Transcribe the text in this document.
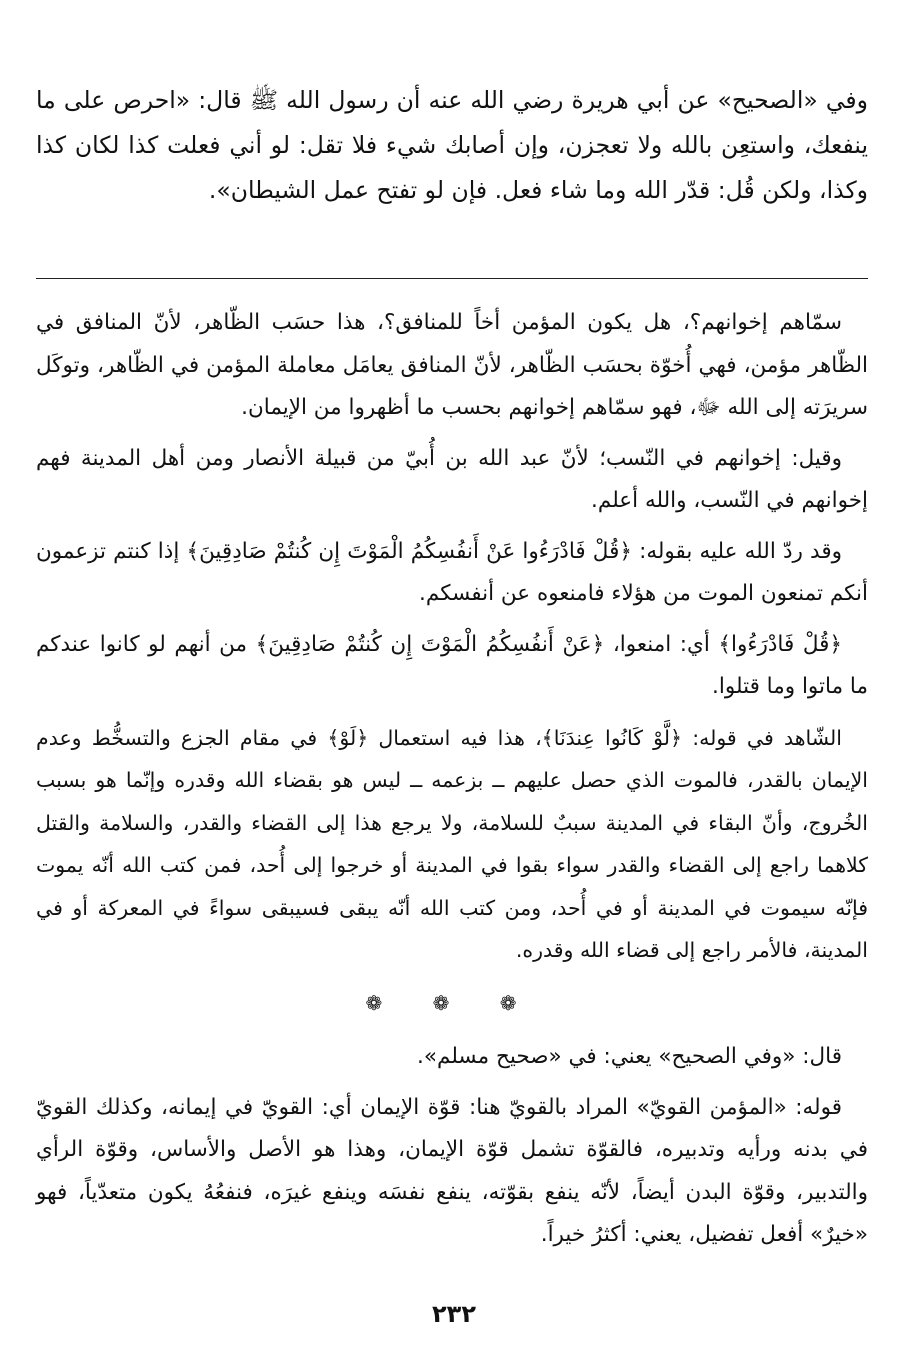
وفي «الصحيح» عن أبي هريرة رضي الله عنه أن رسول الله ﷺ قال: «احرص على ما ينفعك، واستعِن بالله ولا تعجزن، وإن أصابك شيء فلا تقل: لو أني فعلت كذا لكان كذا وكذا، ولكن قُل: قدّر الله وما شاء فعل. فإن لو تفتح عمل الشيطان».

سمّاهم إخوانهم؟، هل يكون المؤمن أخاً للمنافق؟، هذا حسَب الظّاهر، لأنّ المنافق في الظّاهر مؤمن، فهي أُخوّة بحسَب الظّاهر، لأنّ المنافق يعامَل معاملة المؤمن في الظّاهر، وتوكَل سريرَته إلى الله ﷻ، فهو سمّاهم إخوانهم بحسب ما أظهروا من الإيمان.

وقيل: إخوانهم في النّسب؛ لأنّ عبد الله بن أُبيّ من قبيلة الأنصار ومن أهل المدينة فهم إخوانهم في النّسب، والله أعلم.

وقد ردّ الله عليه بقوله: ﴿قُلْ فَادْرَءُوا عَنْ أَنفُسِكُمُ الْمَوْتَ إِن كُنتُمْ صَادِقِينَ﴾ إذا كنتم تزعمون أنكم تمنعون الموت من هؤلاء فامنعوه عن أنفسكم.

﴿قُلْ فَادْرَءُوا﴾ أي: امنعوا، ﴿عَنْ أَنفُسِكُمُ الْمَوْتَ إِن كُنتُمْ صَادِقِينَ﴾ من أنهم لو كانوا عندكم ما ماتوا وما قتلوا.

الشّاهد في قوله: ﴿لَّوْ كَانُوا عِندَنَا﴾، هذا فيه استعمال ﴿لَوْ﴾ في مقام الجزع والتسخُّط وعدم الإيمان بالقدر، فالموت الذي حصل عليهم ــ بزعمه ــ ليس هو بقضاء الله وقدره وإنّما هو بسبب الخُروج، وأنّ البقاء في المدينة سببٌ للسلامة، ولا يرجع هذا إلى القضاء والقدر، والسلامة والقتل كلاهما راجع إلى القضاء والقدر سواء بقوا في المدينة أو خرجوا إلى أُحد، فمن كتب الله أنّه يموت فإنّه سيموت في المدينة أو في أُحد، ومن كتب الله أنّه يبقى فسيبقى سواءً في المعركة أو في المدينة، فالأمر راجع إلى قضاء الله وقدره.

❁ ❁ ❁

قال: «وفي الصحيح» يعني: في «صحيح مسلم».

قوله: «المؤمن القويّ» المراد بالقويّ هنا: قوّة الإيمان أي: القويّ في إيمانه، وكذلك القويّ في بدنه ورأيه وتدبيره، فالقوّة تشمل قوّة الإيمان، وهذا هو الأصل والأساس، وقوّة الرأي والتدبير، وقوّة البدن أيضاً، لأنّه ينفع بقوّته، ينفع نفسَه وينفع غيرَه، فنفعُهُ يكون متعدّياً، فهو «خيرٌ» أفعل تفضيل، يعني: أكثرُ خيراً.

٢٣٢
